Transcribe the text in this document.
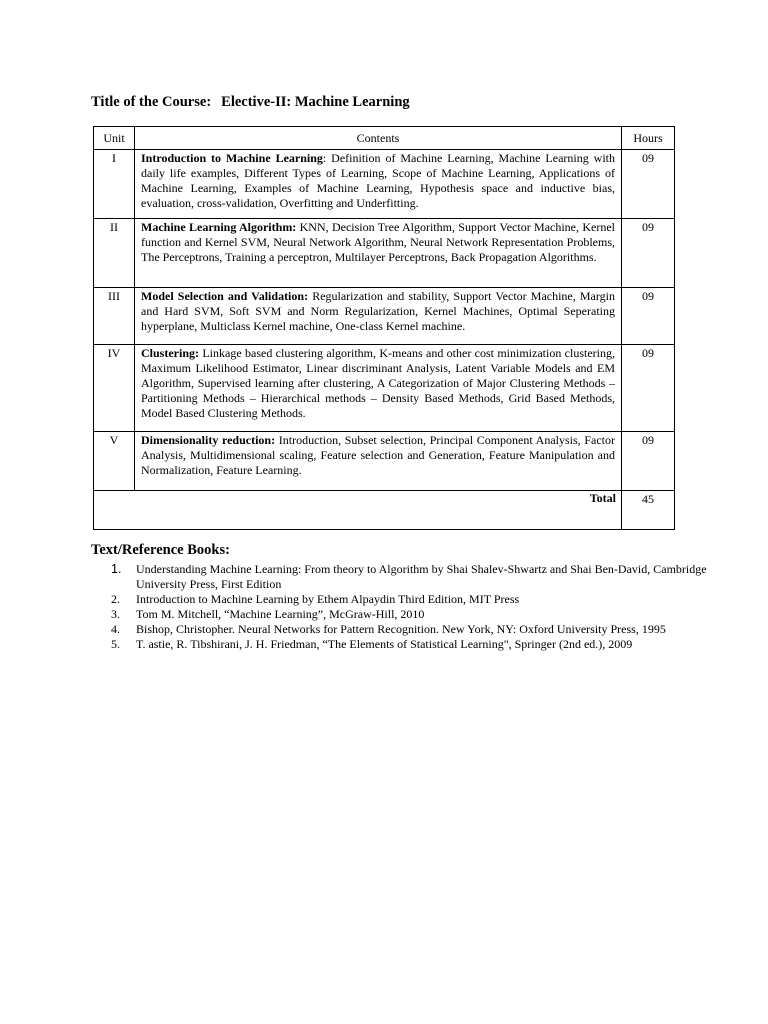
Title of the Course: Elective-II: Machine Learning
Unit	Contents	Hours
I	Introduction to Machine Learning: Definition of Machine Learning, Machine Learning with daily life examples, Different Types of Learning, Scope of Machine Learning, Applications of Machine Learning, Examples of Machine Learning, Hypothesis space and inductive bias, evaluation, cross-validation, Overfitting and Underfitting.	09
II	Machine Learning Algorithm: KNN, Decision Tree Algorithm, Support Vector Machine, Kernel function and Kernel SVM, Neural Network Algorithm, Neural Network Representation Problems, The Perceptrons, Training a perceptron, Multilayer Perceptrons, Back Propagation Algorithms.	09
III	Model Selection and Validation: Regularization and stability, Support Vector Machine, Margin and Hard SVM, Soft SVM and Norm Regularization, Kernel Machines, Optimal Seperating hyperplane, Multiclass Kernel machine, One-class Kernel machine.	09
IV	Clustering: Linkage based clustering algorithm, K-means and other cost minimization clustering, Maximum Likelihood Estimator, Linear discriminant Analysis, Latent Variable Models and EM Algorithm, Supervised learning after clustering, A Categorization of Major Clustering Methods – Partitioning Methods – Hierarchical methods – Density Based Methods, Grid Based Methods, Model Based Clustering Methods.	09
V	Dimensionality reduction: Introduction, Subset selection, Principal Component Analysis, Factor Analysis, Multidimensional scaling, Feature selection and Generation, Feature Manipulation and Normalization, Feature Learning.	09
Total		45
Text/Reference Books:
1. Understanding Machine Learning: From theory to Algorithm by Shai Shalev-Shwartz and Shai Ben-David, Cambridge University Press, First Edition
2. Introduction to Machine Learning by Ethem Alpaydin Third Edition, MIT Press
3. Tom M. Mitchell, “Machine Learning”, McGraw-Hill, 2010
4. Bishop, Christopher. Neural Networks for Pattern Recognition. New York, NY: Oxford University Press, 1995
5. T. astie, R. Tibshirani, J. H. Friedman, “The Elements of Statistical Learning", Springer (2nd ed.), 2009
